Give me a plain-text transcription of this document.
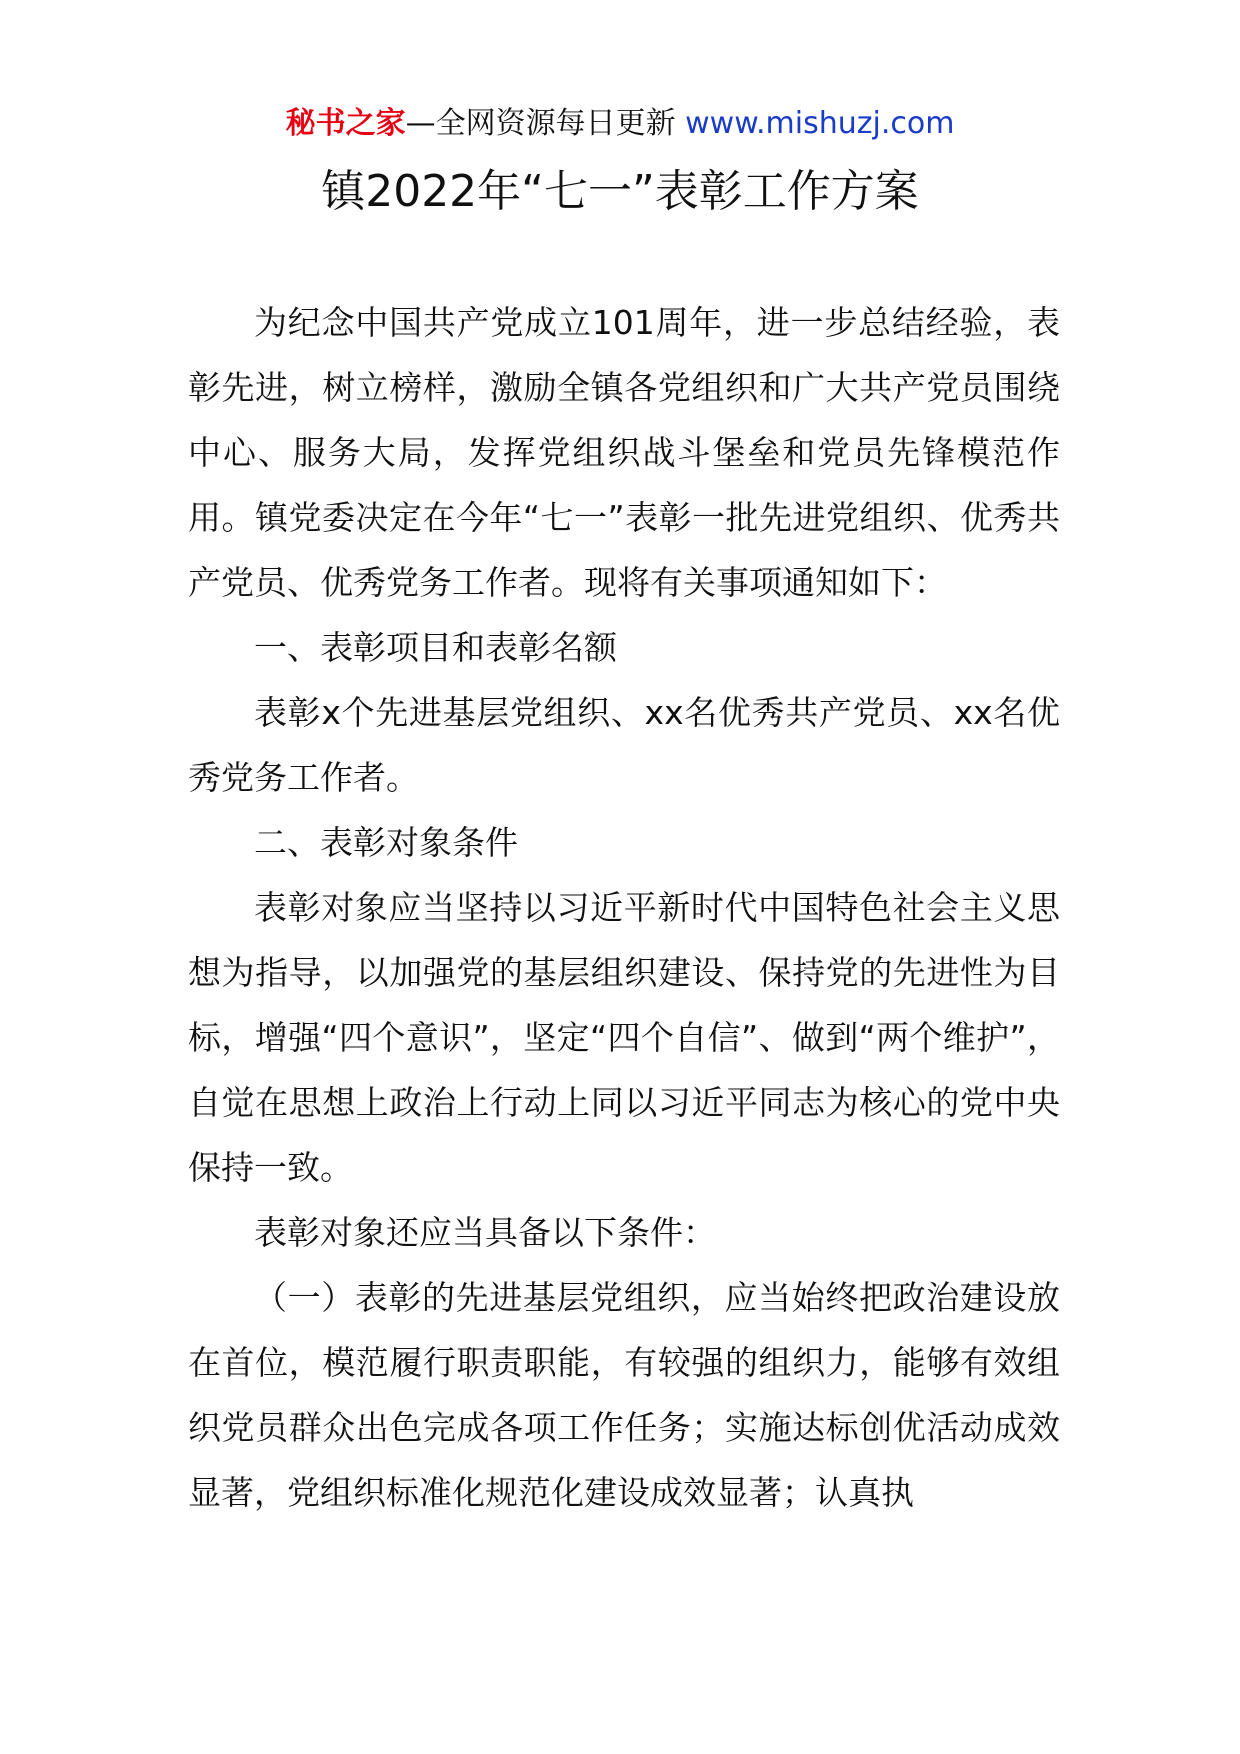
秘书之家—全网资源每日更新 www.mishuzj.com
镇2022年“七一”表彰工作方案

为纪念中国共产党成立101周年，进一步总结经验，表彰先进，树立榜样，激励全镇各党组织和广大共产党员围绕中心、服务大局，发挥党组织战斗堡垒和党员先锋模范作用。镇党委决定在今年“七一”表彰一批先进党组织、优秀共产党员、优秀党务工作者。现将有关事项通知如下：

一、表彰项目和表彰名额

表彰x个先进基层党组织、xx名优秀共产党员、xx名优秀党务工作者。

二、表彰对象条件

表彰对象应当坚持以习近平新时代中国特色社会主义思想为指导，以加强党的基层组织建设、保持党的先进性为目标，增强“四个意识”，坚定“四个自信”、做到“两个维护”，自觉在思想上政治上行动上同以习近平同志为核心的党中央保持一致。

表彰对象还应当具备以下条件：

（一）表彰的先进基层党组织，应当始终把政治建设放在首位，模范履行职责职能，有较强的组织力，能够有效组织党员群众出色完成各项工作任务；实施达标创优活动成效显著，党组织标准化规范化建设成效显著；认真执
